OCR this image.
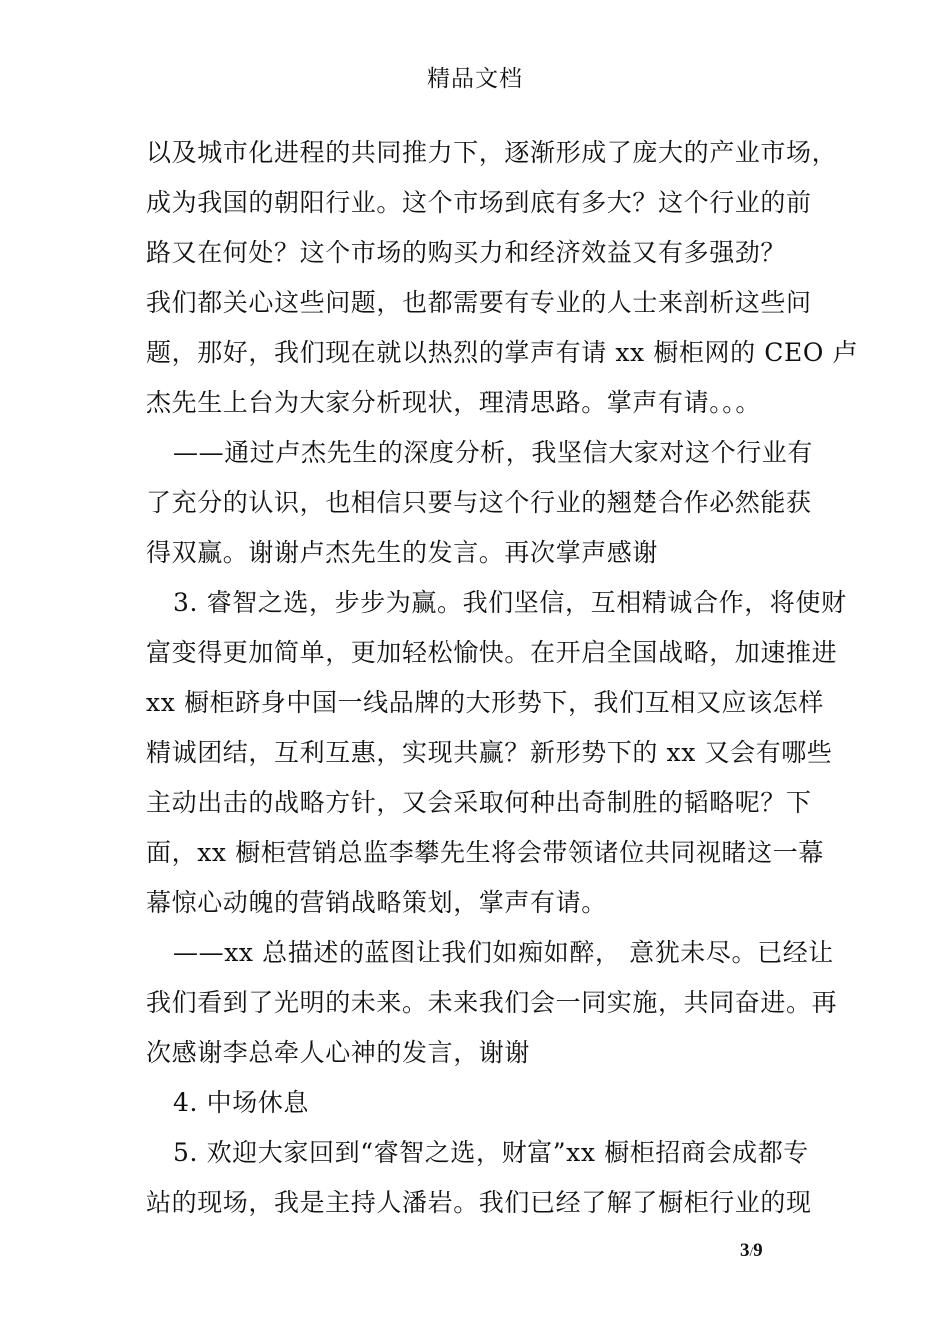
精品文档
以及城市化进程的共同推力下，逐渐形成了庞大的产业市场，
成为我国的朝阳行业。这个市场到底有多大？这个行业的前
路又在何处？这个市场的购买力和经济效益又有多强劲？
我们都关心这些问题，也都需要有专业的人士来剖析这些问
题，那好，我们现在就以热烈的掌声有请 xx 橱柜网的 CEO 卢
杰先生上台为大家分析现状，理清思路。掌声有请。。。
——通过卢杰先生的深度分析，我坚信大家对这个行业有
了充分的认识，也相信只要与这个行业的翘楚合作必然能获
得双赢。谢谢卢杰先生的发言。再次掌声感谢
3. 睿智之选，步步为赢。我们坚信，互相精诚合作，将使财
富变得更加简单，更加轻松愉快。在开启全国战略，加速推进
xx 橱柜跻身中国一线品牌的大形势下，我们互相又应该怎样
精诚团结，互利互惠，实现共赢？新形势下的 xx 又会有哪些
主动出击的战略方针，又会采取何种出奇制胜的韬略呢？下
面，xx 橱柜营销总监李攀先生将会带领诸位共同视睹这一幕
幕惊心动魄的营销战略策划，掌声有请。
——xx 总描述的蓝图让我们如痴如醉， 意犹未尽。已经让
我们看到了光明的未来。未来我们会一同实施，共同奋进。再
次感谢李总牵人心神的发言，谢谢
4. 中场休息
5. 欢迎大家回到“睿智之选，财富”xx 橱柜招商会成都专
站的现场，我是主持人潘岩。我们已经了解了橱柜行业的现
3/9
